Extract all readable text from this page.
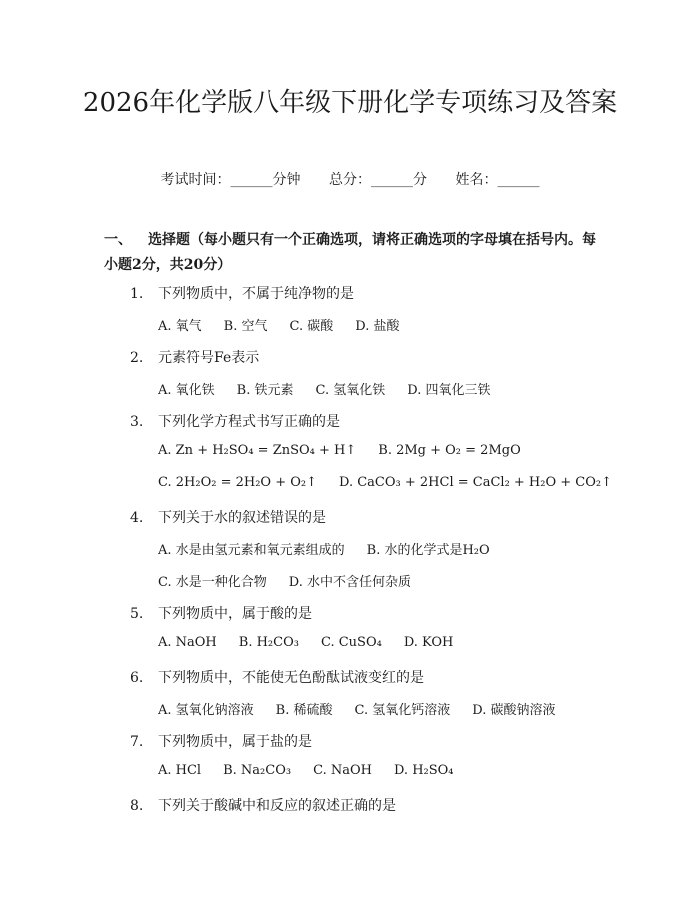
2026年化学版八年级下册化学专项练习及答案
考试时间：______分钟 总分：______分 姓名：______

一、 选择题（每小题只有一个正确选项，请将正确选项的字母填在括号内。每小题2分，共20分）

1. 下列物质中，不属于纯净物的是
A. 氧气 B. 空气 C. 碳酸 D. 盐酸
2. 元素符号Fe表示
A. 氧化铁 B. 铁元素 C. 氢氧化铁 D. 四氧化三铁
3. 下列化学方程式书写正确的是
A. Zn + H₂SO₄ = ZnSO₄ + H↑ B. 2Mg + O₂ = 2MgO
C. 2H₂O₂ = 2H₂O + O₂↑ D. CaCO₃ + 2HCl = CaCl₂ + H₂O + CO₂↑
4. 下列关于水的叙述错误的是
A. 水是由氢元素和氧元素组成的 B. 水的化学式是H₂O
C. 水是一种化合物 D. 水中不含任何杂质
5. 下列物质中，属于酸的是
A. NaOH B. H₂CO₃ C. CuSO₄ D. KOH
6. 下列物质中，不能使无色酚酞试液变红的是
A. 氢氧化钠溶液 B. 稀硫酸 C. 氢氧化钙溶液 D. 碳酸钠溶液
7. 下列物质中，属于盐的是
A. HCl B. Na₂CO₃ C. NaOH D. H₂SO₄
8. 下列关于酸碱中和反应的叙述正确的是
